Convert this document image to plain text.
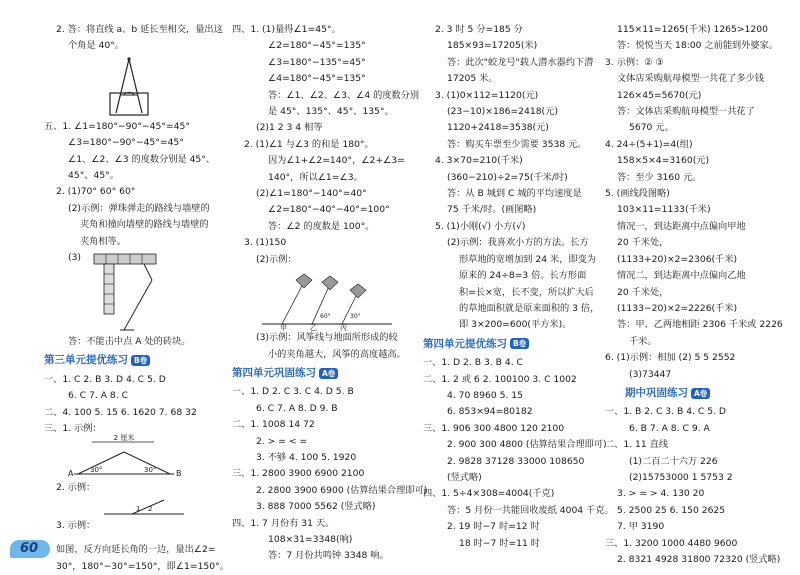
2. 答：将直线 a、b 延长至相交，量出这
个角是 40°。
五、1. ∠1=180°−90°−45°=45°
∠3=180°−90°−45°=45°
∠1、∠2、∠3 的度数分别是 45°、
45°、45°。
2. (1)70° 60° 60°
(2)示例：弹珠弹走的路线与墙壁的
夹角和撞向墙壁的路线与墙壁的
夹角相等。
(3)
答：不能击中点 A 处的砖块。
第三单元提优练习 B卷
一、1. C 2. B 3. D 4. C 5. D
6. C 7. A 8. C
二、4. 100 5. 15 6. 1620 7. 68 32
三、1. 示例：
2 厘米
A 30°	30° B
2. 示例：
1 2
3. 示例：
如图，反方向延长角的一边，量出∠2=
30°，180°−30°=150°，即∠1=150°。
四、1. (1)量得∠1=45°。
∠2=180°−45°=135°
∠3=180°−135°=45°
∠4=180°−45°=135°
答：∠1、∠2、∠3、∠4 的度数分别
是 45°、135°、45°、135°。
(2)1 2 3 4 相等
2. (1)∠1 与∠3 的和是 180°。
因为∠1+∠2=140°，∠2+∠3=
140°，所以∠1=∠3。
(2)∠1=180°−140°=40°
∠2=180°−40°−40°=100°
答：∠2 的度数是 100°。
3. (1)150
(2)示例：
甲	乙	丙
60°	30°
(3)示例：风筝线与地面所形成的较
小的夹角越大，风筝的高度越高。
第四单元巩固练习 A卷
一、1. D 2. C 3. C 4. D 5. B
6. C 7. A 8. D 9. B
二、1. 1008 14 72
2. > = < =
3. 不够 4. 100 5. 1920
三、1. 2800 3900 6900 2100
2. 2800 3900 6900 (估算结果合理即可)
3. 888 7000 5562 (竖式略)
四、1. 7 月份有 31 天。
108×31=3348(响)
答：7 月份共鸣钟 3348 响。
2. 3 时 5 分=185 分
185×93=17205(米)
答：此次"蛟龙号"载人潜水器约下潜
17205 米。
3. (1)0×112=1120(元)
(23−10)×186=2418(元)
1120+2418=3538(元)
答：购买车票至少需要 3538 元。
4. 3×70=210(千米)
(360−210)÷2=75(千米/时)
答：从 B 城到 C 城的平均速度是
75 千米/时。(画图略)
5. (1)小刚(√) 小方(√)
(2)示例：我喜欢小方的方法。长方
形草地的宽增加到 24 米，即变为
原来的 24÷8=3 倍。长方形面
积=长×宽，长不变，所以扩大后
的草地面积就是原来面积的 3 倍，
即 3×200=600(平方米)。
第四单元提优练习 B卷
一、1. D 2. B 3. B 4. C
二、1. 2 或 6 2. 100100 3. C 1002
4. 70 8960 5. 15
6. 853×94=80182
三、1. 906 300 4800 120 2100
2. 900 300 4800 (估算结果合理即可)
2. 9828 37128 33000 108650
(竖式略)
四、1. 5÷4×308=4004(千克)
答：5 月份一共能回收废纸 4004 千克。
2. 19 时−7 时=12 时
18 时−7 时=11 时
115×11=1265(千米) 1265>1200
答：悦悦当天 18:00 之前能到外婆家。
3. 示例：② ③
文体店采购航母模型一共花了多少钱
126×45=5670(元)
答：文体店采购航母模型一共花了
5670 元。
4. 24÷(5+1)=4(组)
158×5×4=3160(元)
答：至少 3160 元。
5. (画线段图略)
103×11=1133(千米)
情况一，到达距离中点偏向甲地
20 千米处，
(1133+20)×2=2306(千米)
情况二，到达距离中点偏向乙地
20 千米处，
(1133−20)×2=2226(千米)
答：甲、乙两地相距 2306 千米或 2226
千米。
6. (1)示例：相加 (2) 5 5 2552
(3)73447
期中巩固练习 A卷
一、1. B 2. C 3. B 4. C 5. D
6. B 7. A 8. C 9. A
二、1. 11 直线
(1)二百二十六万 226
(2)15753000 1 5753 2
3. > = > 4. 130 20
5. 2500 25 6. 150 2625
7. 甲 3190
三、1. 3200 1000 4480 9600
2. 8321 4928 31800 72320 (竖式略)
60
